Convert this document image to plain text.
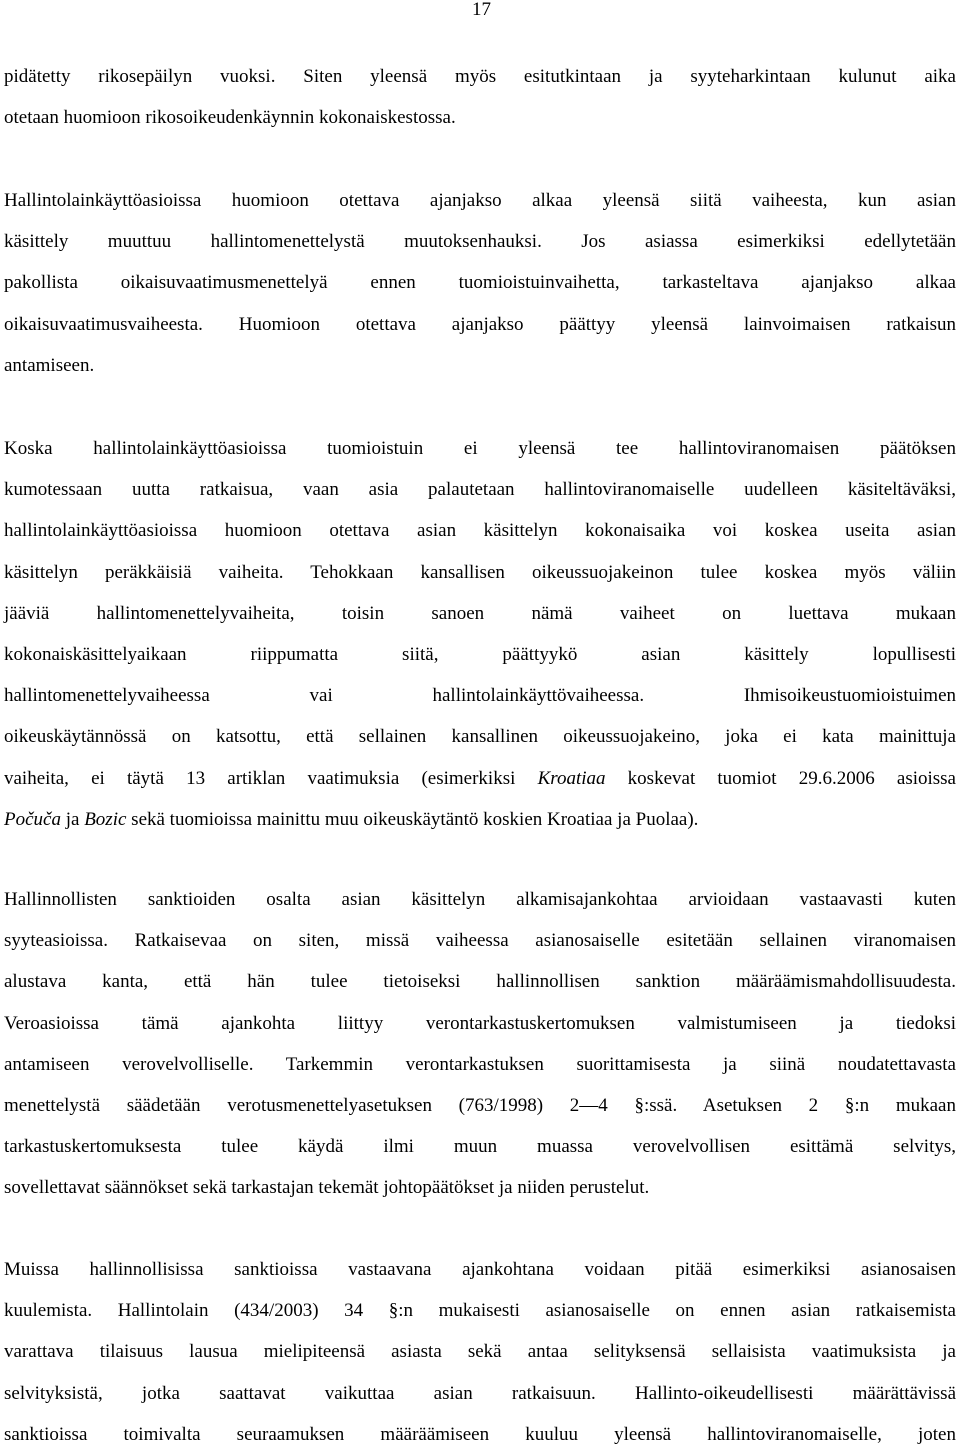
17

pidätetty rikosepäilyn vuoksi. Siten yleensä myös esitutkintaan ja syyteharkintaan kulunut aika
otetaan huomioon rikosoikeudenkäynnin kokonaiskestossa.
Hallintolainkäyttöasioissa huomioon otettava ajanjakso alkaa yleensä siitä vaiheesta, kun asian
käsittely muuttuu hallintomenettelystä muutoksenhauksi. Jos asiassa esimerkiksi edellytetään
pakollista oikaisuvaatimusmenettelyä ennen tuomioistuinvaihetta, tarkasteltava ajanjakso alkaa
oikaisuvaatimusvaiheesta. Huomioon otettava ajanjakso päättyy yleensä lainvoimaisen ratkaisun
antamiseen.
Koska hallintolainkäyttöasioissa tuomioistuin ei yleensä tee hallintoviranomaisen päätöksen
kumotessaan uutta ratkaisua, vaan asia palautetaan hallintoviranomaiselle uudelleen käsiteltäväksi,
hallintolainkäyttöasioissa huomioon otettava asian käsittelyn kokonaisaika voi koskea useita asian
käsittelyn peräkkäisiä vaiheita. Tehokkaan kansallisen oikeussuojakeinon tulee koskea myös väliin
jääviä hallintomenettelyvaiheita, toisin sanoen nämä vaiheet on luettava mukaan
kokonaiskäsittelyaikaan riippumatta siitä, päättyykö asian käsittely lopullisesti
hallintomenettelyvaiheessa vai hallintolainkäyttövaiheessa. Ihmisoikeustuomioistuimen
oikeuskäytännössä on katsottu, että sellainen kansallinen oikeussuojakeino, joka ei kata mainittuja
vaiheita, ei täytä 13 artiklan vaatimuksia (esimerkiksi Kroatiaa koskevat tuomiot 29.6.2006 asioissa
Počuča ja Bozic sekä tuomioissa mainittu muu oikeuskäytäntö koskien Kroatiaa ja Puolaa).
Hallinnollisten sanktioiden osalta asian käsittelyn alkamisajankohtaa arvioidaan vastaavasti kuten
syyteasioissa. Ratkaisevaa on siten, missä vaiheessa asianosaiselle esitetään sellainen viranomaisen
alustava kanta, että hän tulee tietoiseksi hallinnollisen sanktion määräämismahdollisuudesta.
Veroasioissa tämä ajankohta liittyy verontarkastuskertomuksen valmistumiseen ja tiedoksi
antamiseen verovelvolliselle. Tarkemmin verontarkastuksen suorittamisesta ja siinä noudatettavasta
menettelystä säädetään verotusmenettelyasetuksen (763/1998) 2—4 §:ssä. Asetuksen 2 §:n mukaan
tarkastuskertomuksesta tulee käydä ilmi muun muassa verovelvollisen esittämä selvitys,
sovellettavat säännökset sekä tarkastajan tekemät johtopäätökset ja niiden perustelut.
Muissa hallinnollisissa sanktioissa vastaavana ajankohtana voidaan pitää esimerkiksi asianosaisen
kuulemista. Hallintolain (434/2003) 34 §:n mukaisesti asianosaiselle on ennen asian ratkaisemista
varattava tilaisuus lausua mielipiteensä asiasta sekä antaa selityksensä sellaisista vaatimuksista ja
selvityksistä, jotka saattavat vaikuttaa asian ratkaisuun. Hallinto-oikeudellisesti määrättävissä
sanktioissa toimivalta seuraamuksen määräämiseen kuuluu yleensä hallintoviranomaiselle, joten
